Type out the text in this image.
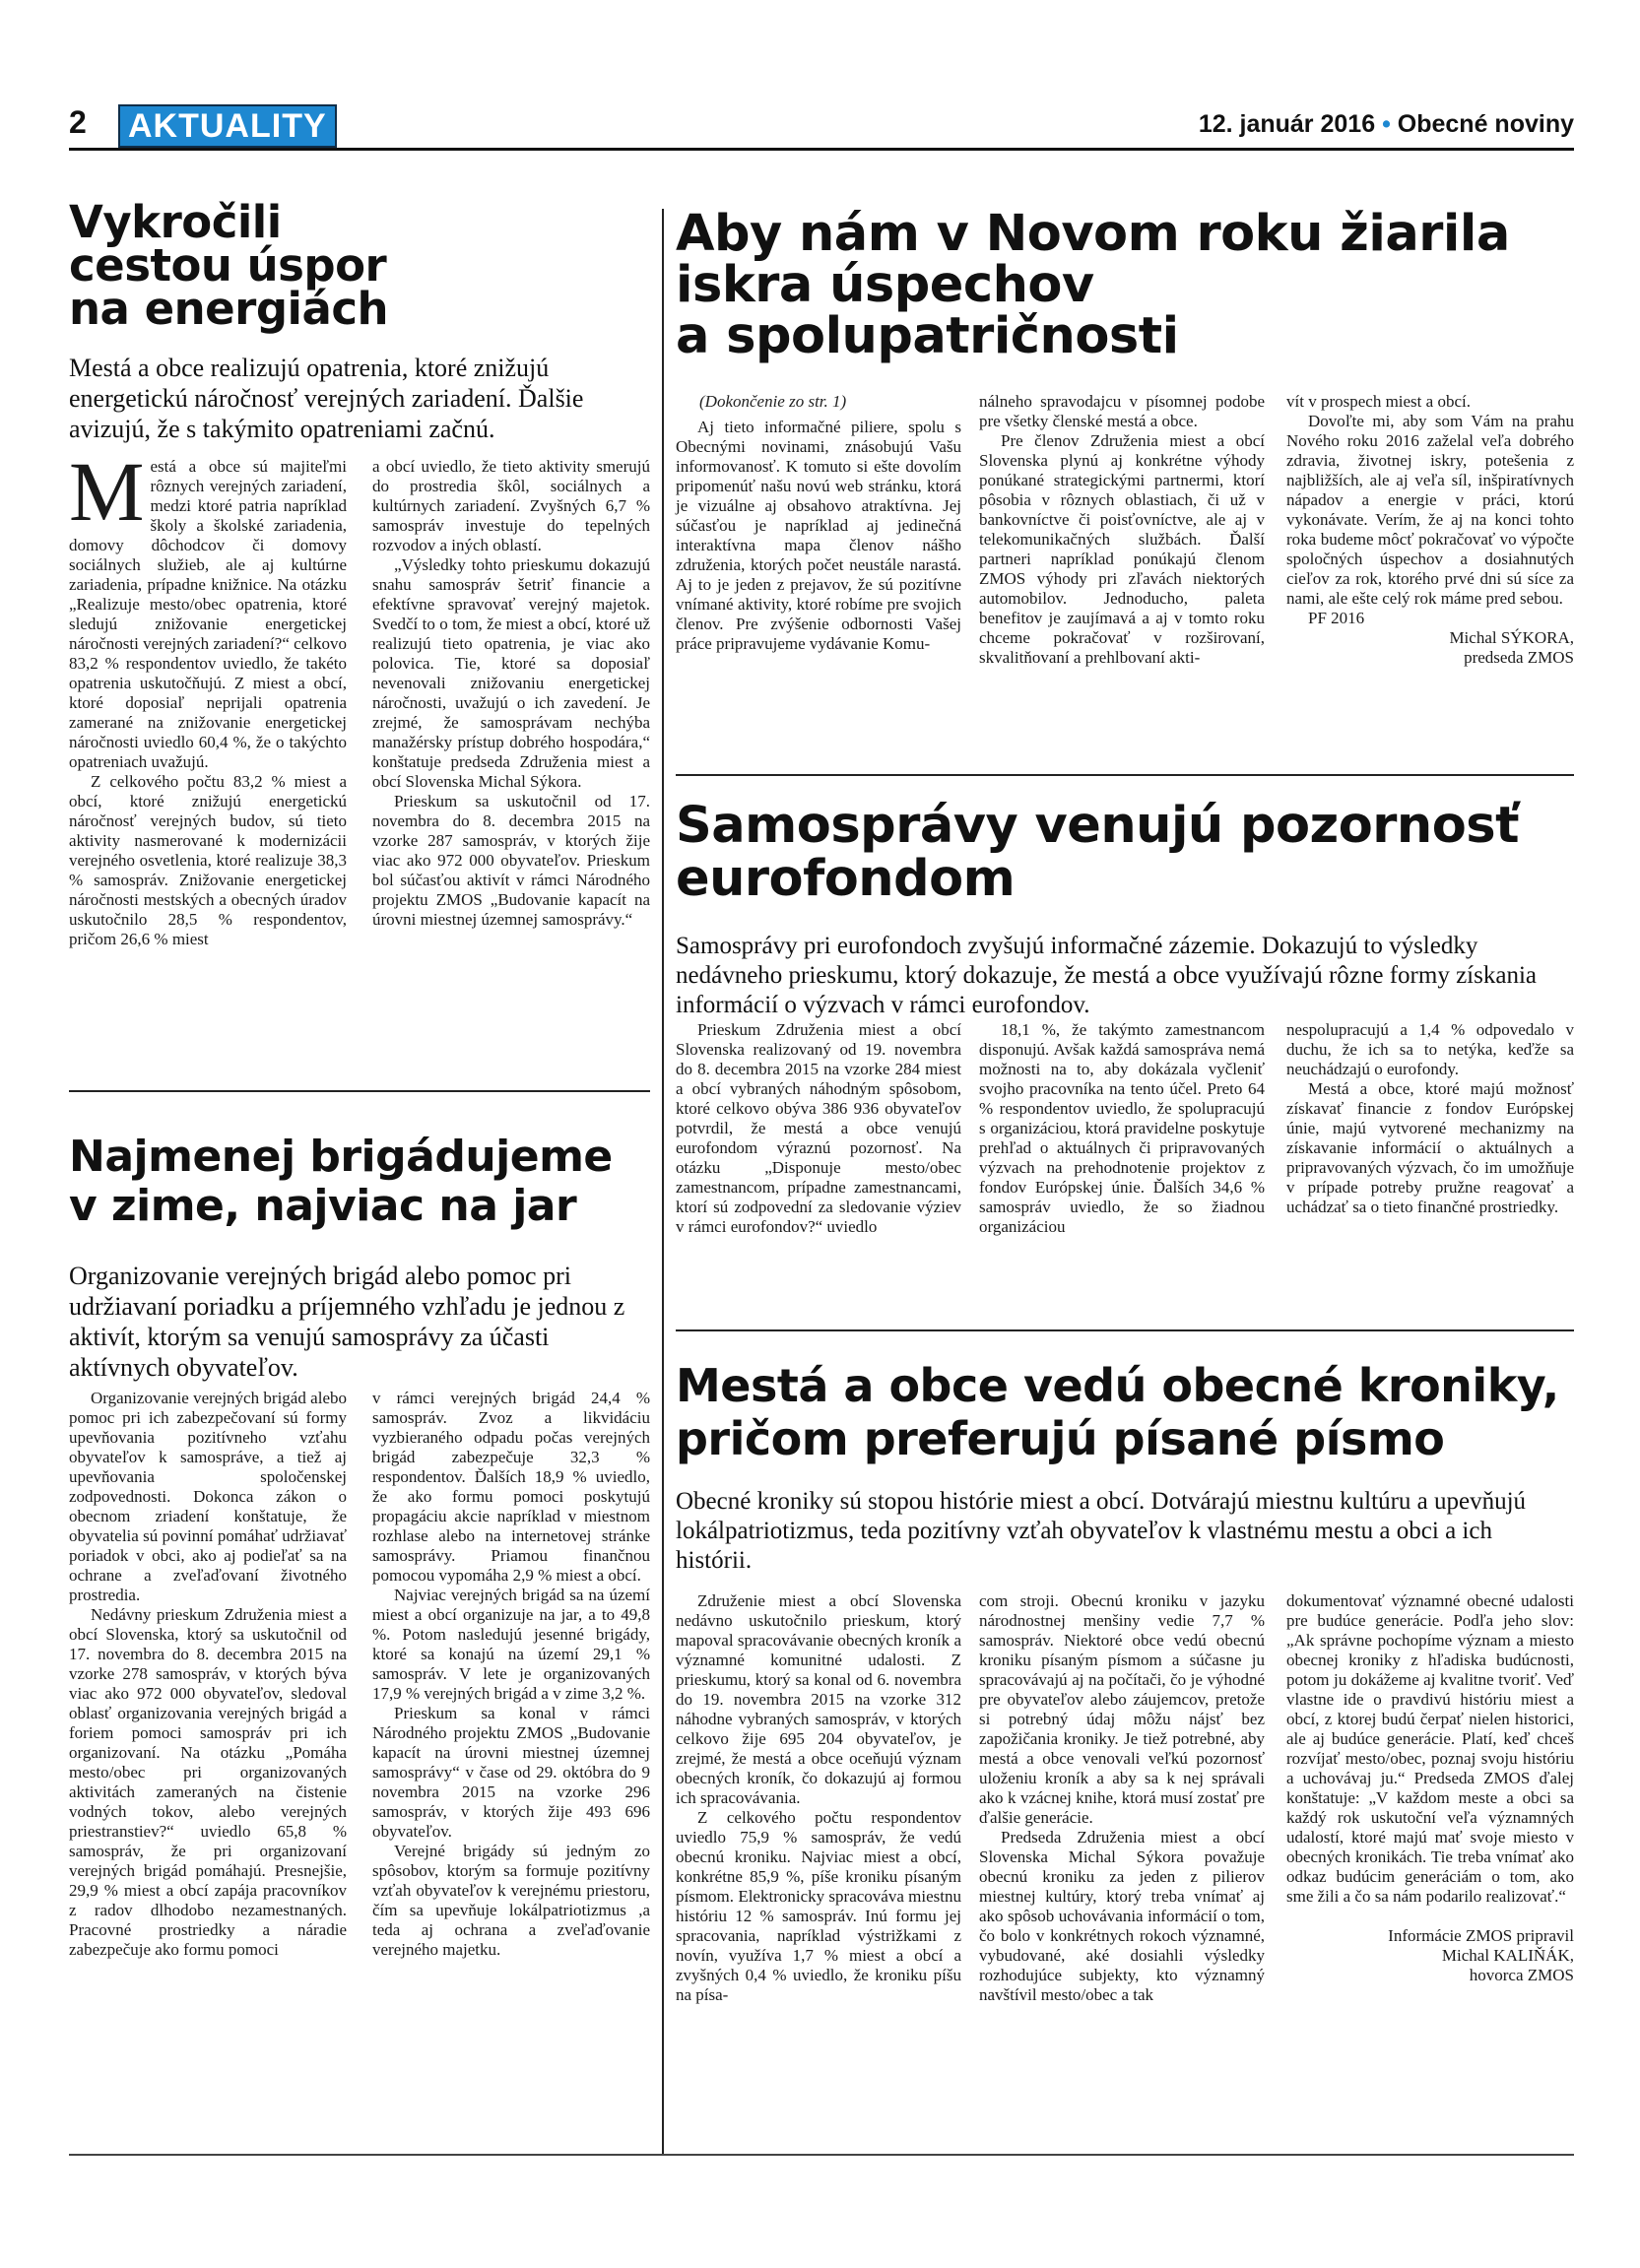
2 AKTUALITY	12. január 2016 • Obecné noviny
Vykročili
cestou úspor
na energiách

Mestá a obce realizujú opatrenia, ktoré znižujú energetickú náročnosť verejných zariadení. Ďalšie avizujú, že s takýmito opatreniami začnú.

Mestá a obce sú majiteľmi rôznych verejných zariadení, medzi ktoré patria napríklad školy a školské zariadenia, domovy dôchodcov či domovy sociálnych služieb, ale aj kultúrne zariadenia, prípadne knižnice. Na otázku „Realizuje mesto/obec opatrenia, ktoré sledujú znižovanie energetickej náročnosti verejných zariadení?“ celkovo 83,2 % respondentov uviedlo, že takéto opatrenia uskutočňujú. Z miest a obcí, ktoré doposiaľ neprijali opatrenia zamerané na znižovanie energetickej náročnosti uviedlo 60,4 %, že o takýchto opatreniach uvažujú.

Z celkového počtu 83,2 % miest a obcí, ktoré znižujú energetickú náročnosť verejných budov, sú tieto aktivity nasmerované k modernizácii verejného osvetlenia, ktoré realizuje 38,3 % samospráv. Znižovanie energetickej náročnosti mestských a obecných úradov uskutočnilo 28,5 % respondentov, pričom 26,6 % miest

a obcí uviedlo, že tieto aktivity smerujú do prostredia škôl, sociálnych a kultúrnych zariadení. Zvyšných 6,7 % samospráv investuje do tepelných rozvodov a iných oblastí.

„Výsledky tohto prieskumu dokazujú snahu samospráv šetriť financie a efektívne spravovať verejný majetok. Svedčí to o tom, že miest a obcí, ktoré už realizujú tieto opatrenia, je viac ako polovica. Tie, ktoré sa doposiaľ nevenovali znižovaniu energetickej náročnosti, uvažujú o ich zavedení. Je zrejmé, že samosprávam nechýba manažérsky prístup dobrého hospodára,“ konštatuje predseda Združenia miest a obcí Slovenska Michal Sýkora.

Prieskum sa uskutočnil od 17. novembra do 8. decembra 2015 na vzorke 287 samospráv, v ktorých žije viac ako 972 000 obyvateľov. Prieskum bol súčasťou aktivít v rámci Národného projektu ZMOS „Budovanie kapacít na úrovni miestnej územnej samosprávy.“

Najmenej brigádujeme
v zime, najviac na jar

Organizovanie verejných brigád alebo pomoc pri udržiavaní poriadku a príjemného vzhľadu je jednou z aktivít, ktorým sa venujú samosprávy za účasti aktívnych obyvateľov.

Organizovanie verejných brigád alebo pomoc pri ich zabezpečovaní sú formy upevňovania pozitívneho vzťahu obyvateľov k samospráve, a tiež aj upevňovania spoločenskej zodpovednosti. Dokonca zákon o obecnom zriadení konštatuje, že obyvatelia sú povinní pomáhať udržiavať poriadok v obci, ako aj podieľať sa na ochrane a zveľaďovaní životného prostredia.

Nedávny prieskum Združenia miest a obcí Slovenska, ktorý sa uskutočnil od 17. novembra do 8. decembra 2015 na vzorke 278 samospráv, v ktorých býva viac ako 972 000 obyvateľov, sledoval oblasť organizovania verejných brigád a foriem pomoci samospráv pri ich organizovaní. Na otázku „Pomáha mesto/obec pri organizovaných aktivitách zameraných na čistenie vodných tokov, alebo verejných priestranstiev?“ uviedlo 65,8 % samospráv, že pri organizovaní verejných brigád pomáhajú. Presnejšie, 29,9 % miest a obcí zapája pracovníkov z radov dlhodobo nezamestnaných. Pracovné prostriedky a náradie zabezpečuje ako formu pomoci

v rámci verejných brigád 24,4 % samospráv. Zvoz a likvidáciu vyzbieraného odpadu počas verejných brigád zabezpečuje 32,3 % respondentov. Ďalších 18,9 % uviedlo, že ako formu pomoci poskytujú propagáciu akcie napríklad v miestnom rozhlase alebo na internetovej stránke samosprávy. Priamou finančnou pomocou vypomáha 2,9 % miest a obcí.

Najviac verejných brigád sa na území miest a obcí organizuje na jar, a to 49,8 %. Potom nasledujú jesenné brigády, ktoré sa konajú na území 29,1 % samospráv. V lete je organizovaných 17,9 % verejných brigád a v zime 3,2 %.

Prieskum sa konal v rámci Národného projektu ZMOS „Budovanie kapacít na úrovni miestnej územnej samosprávy“ v čase od 29. októbra do 9 novembra 2015 na vzorke 296 samospráv, v ktorých žije 493 696 obyvateľov.

Verejné brigády sú jedným zo spôsobov, ktorým sa formuje pozitívny vzťah obyvateľov k verejnému priestoru, čím sa upevňuje lokálpatriotizmus ,a teda aj ochrana a zveľaďovanie verejného majetku.

Aby nám v Novom roku žiarila
iskra úspechov
a spolupatričnosti

(Dokončenie zo str. 1)

Aj tieto informačné piliere, spolu s Obecnými novinami, znásobujú Vašu informovanosť. K tomuto si ešte dovolím pripomenúť našu novú web stránku, ktorá je vizuálne aj obsahovo atraktívna. Jej súčasťou je napríklad aj jedinečná interaktívna mapa členov nášho združenia, ktorých počet neustále narastá. Aj to je jeden z prejavov, že sú pozitívne vnímané aktivity, ktoré robíme pre svojich členov. Pre zvýšenie odbornosti Vašej práce pripravujeme vydávanie Komu-

nálneho spravodajcu v písomnej podobe pre všetky členské mestá a obce.

Pre členov Združenia miest a obcí Slovenska plynú aj konkrétne výhody ponúkané strategickými partnermi, ktorí pôsobia v rôznych oblastiach, či už v bankovníctve či poisťovníctve, ale aj v telekomunikačných službách. Ďalší partneri napríklad ponúkajú členom ZMOS výhody pri zľavách niektorých automobilov. Jednoducho, paleta benefitov je zaujímavá a aj v tomto roku chceme pokračovať v rozširovaní, skvalitňovaní a prehlbovaní akti-

vít v prospech miest a obcí.

Dovoľte mi, aby som Vám na prahu Nového roku 2016 zaželal veľa dobrého zdravia, životnej iskry, potešenia z najbližších, ale aj veľa síl, inšpiratívnych nápadov a energie v práci, ktorú vykonávate. Verím, že aj na konci tohto roka budeme môcť pokračovať vo výpočte spoločných úspechov a dosiahnutých cieľov za rok, ktorého prvé dni sú síce za nami, ale ešte celý rok máme pred sebou.

PF 2016

Michal SÝKORA,

predseda ZMOS

Samosprávy venujú pozornosť
eurofondom

Samosprávy pri eurofondoch zvyšujú informačné zázemie. Dokazujú to výsledky nedávneho prieskumu, ktorý dokazuje, že mestá a obce využívajú rôzne formy získania informácií o výzvach v rámci eurofondov.

Prieskum Združenia miest a obcí Slovenska realizovaný od 19. novembra do 8. decembra 2015 na vzorke 284 miest a obcí vybraných náhodným spôsobom, ktoré celkovo obýva 386 936 obyvateľov potvrdil, že mestá a obce venujú eurofondom výraznú pozornosť. Na otázku „Disponuje mesto/obec zamestnancom, prípadne zamestnancami, ktorí sú zodpovední za sledovanie výziev v rámci eurofondov?“ uviedlo

18,1 %, že takýmto zamestnancom disponujú. Avšak každá samospráva nemá možnosti na to, aby dokázala vyčleniť svojho pracovníka na tento účel. Preto 64 % respondentov uviedlo, že spolupracujú s organizáciou, ktorá pravidelne poskytuje prehľad o aktuálnych či pripravovaných výzvach na prehodnotenie projektov z fondov Európskej únie. Ďalších 34,6 % samospráv uviedlo, že so žiadnou organizáciou

nespolupracujú a 1,4 % odpovedalo v duchu, že ich sa to netýka, keďže sa neuchádzajú o eurofondy.

Mestá a obce, ktoré majú možnosť získavať financie z fondov Európskej únie, majú vytvorené mechanizmy na získavanie informácií o aktuálnych a pripravovaných výzvach, čo im umožňuje v prípade potreby pružne reagovať a uchádzať sa o tieto finančné prostriedky.

Mestá a obce vedú obecné kroniky,
pričom preferujú písané písmo

Obecné kroniky sú stopou histórie miest a obcí. Dotvárajú miestnu kultúru a upevňujú lokálpatriotizmus, teda pozitívny vzťah obyvateľov k vlastnému mestu a obci a ich histórii.

Združenie miest a obcí Slovenska nedávno uskutočnilo prieskum, ktorý mapoval spracovávanie obecných kroník a významné komunitné udalosti. Z prieskumu, ktorý sa konal od 6. novembra do 19. novembra 2015 na vzorke 312 náhodne vybraných samospráv, v ktorých celkovo žije 695 204 obyvateľov, je zrejmé, že mestá a obce oceňujú význam obecných kroník, čo dokazujú aj formou ich spracovávania.

Z celkového počtu respondentov uviedlo 75,9 % samospráv, že vedú obecnú kroniku. Najviac miest a obcí, konkrétne 85,9 %, píše kroniku písaným písmom. Elektronicky spracováva miestnu históriu 12 % samospráv. Inú formu jej spracovania, napríklad výstrižkami z novín, využíva 1,7 % miest a obcí a zvyšných 0,4 % uviedlo, že kroniku píšu na písa-

com stroji. Obecnú kroniku v jazyku národnostnej menšiny vedie 7,7 % samospráv. Niektoré obce vedú obecnú kroniku písaným písmom a súčasne ju spracovávajú aj na počítači, čo je výhodné pre obyvateľov alebo záujemcov, pretože si potrebný údaj môžu nájsť bez zapožičania kroniky. Je tiež potrebné, aby mestá a obce venovali veľkú pozornosť uloženiu kroník a aby sa k nej správali ako k vzácnej knihe, ktorá musí zostať pre ďalšie generácie.

Predseda Združenia miest a obcí Slovenska Michal Sýkora považuje obecnú kroniku za jeden z pilierov miestnej kultúry, ktorý treba vnímať aj ako spôsob uchovávania informácií o tom, čo bolo v konkrétnych rokoch významné, vybudované, aké dosiahli výsledky rozhodujúce subjekty, kto významný navštívil mesto/obec a tak

dokumentovať významné obecné udalosti pre budúce generácie. Podľa jeho slov: „Ak správne pochopíme význam a miesto obecnej kroniky z hľadiska budúcnosti, potom ju dokážeme aj kvalitne tvoriť. Veď vlastne ide o pravdivú históriu miest a obcí, z ktorej budú čerpať nielen historici, ale aj budúce generácie. Platí, keď chceš rozvíjať mesto/obec, poznaj svoju históriu a uchovávaj ju.“ Predseda ZMOS ďalej konštatuje: „V každom meste a obci sa každý rok uskutoční veľa významných udalostí, ktoré majú mať svoje miesto v obecných kronikách. Tie treba vnímať ako odkaz budúcim generáciám o tom, ako sme žili a čo sa nám podarilo realizovať.“

Informácie ZMOS pripravil

Michal KALIŇÁK,

hovorca ZMOS
